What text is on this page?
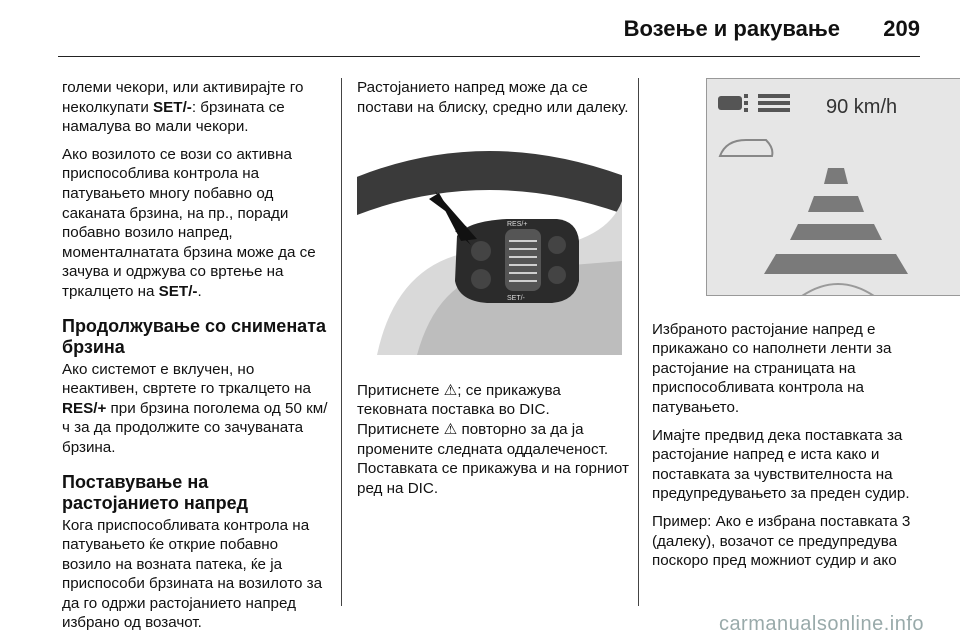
Возење и ракување 209

големи чекори, или активирајте го неколкупати SET/-: брзината се намалува во мали чекори.

Ако возилото се вози со активна приспособлива контрола на патувањето многу побавно од саканата брзина, на пр., поради побавно возило напред, моменталнатата брзина може да се зачува и одржува со вртење на тркалцето на SET/-.

Продолжување со снимената брзина

Ако системот е вклучен, но неактивен, свртете го тркалцето на RES/+ при брзина поголема од 50 км/ч за да продолжите со зачуваната брзина.

Поставување на растојанието напред

Кога приспособливата контрола на патувањето ќе открие побавно возило на возната патека, ќе ја приспособи брзината на возилото за да го одржи растојанието напред избрано од возачот.

Растојанието напред може да се постави на блиску, средно или далеку.

RES/+
SET/-

Притиснете ⚠; се прикажува тековната поставка во DIC.
Притиснете ⚠ повторно за да ја промените следната оддалеченост. Поставката се прикажува и на горниот ред на DIC.

90 km/h

Избраното растојание напред е прикажано со наполнети ленти за растојание на страницата на приспособливата контрола на патувањето.

Имајте предвид дека поставката за растојание напред е иста како и поставката за чувствителноста на предупредувањето за преден судир.

Пример: Ако е избрана поставката 3 (далеку), возачот се предупредува поскоро пред можниот судир и ако

carmanualsonline.info
